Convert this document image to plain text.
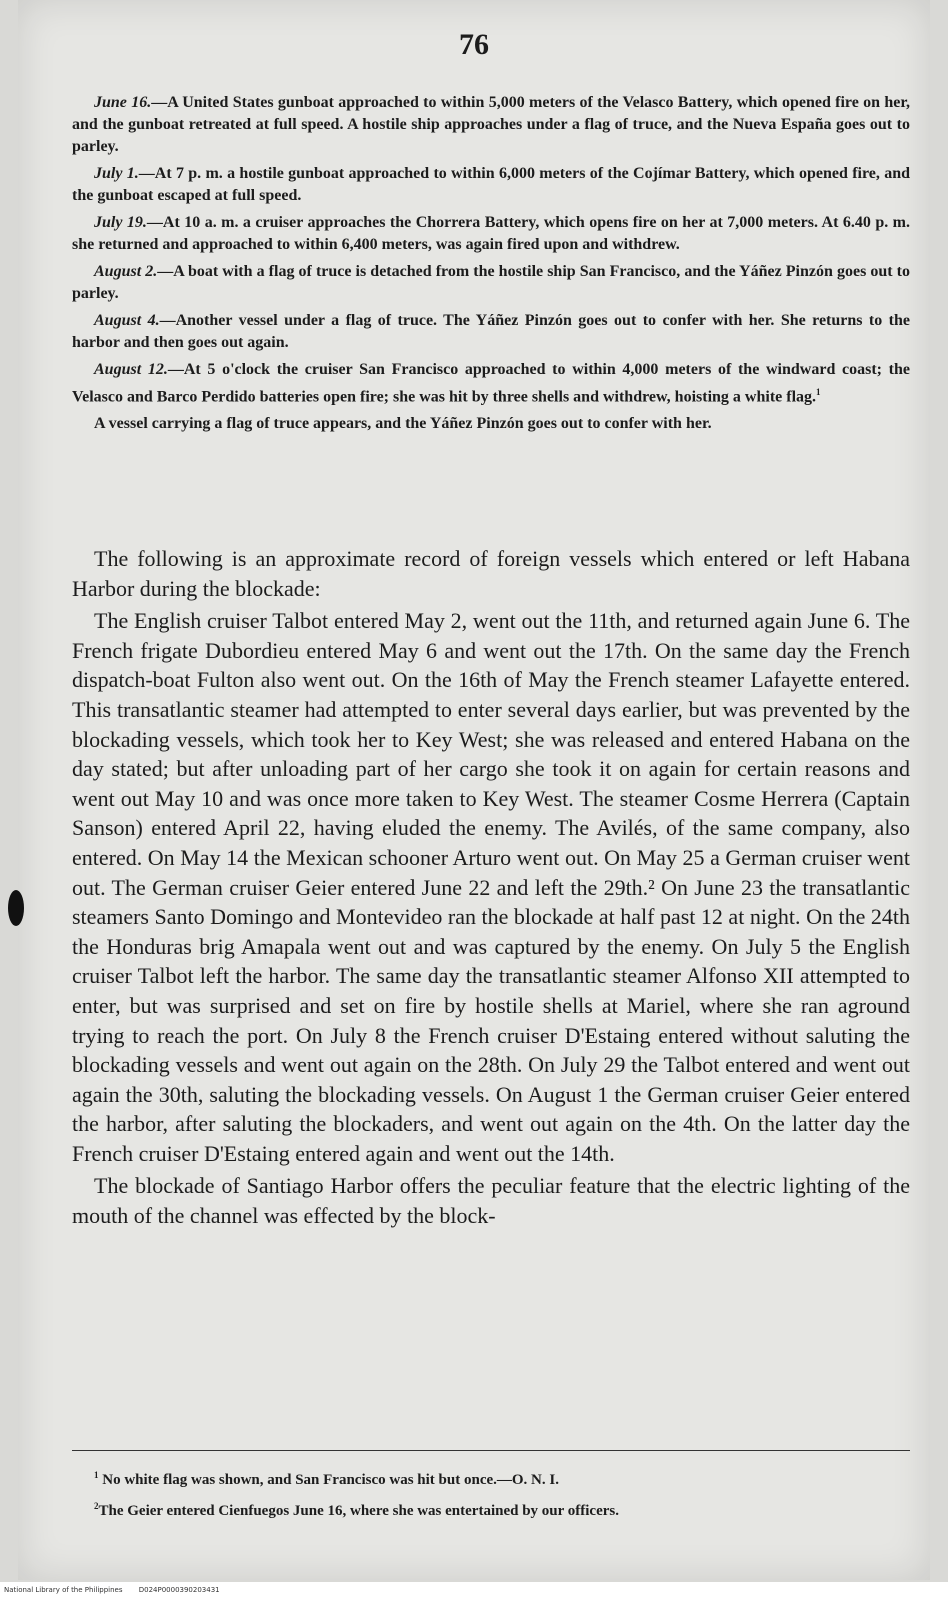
76

June 16.—A United States gunboat approached to within 5,000 meters of the Velasco Battery, which opened fire on her, and the gunboat retreated at full speed. A hostile ship approaches under a flag of truce, and the Nueva España goes out to parley.

July 1.—At 7 p. m. a hostile gunboat approached to within 6,000 meters of the Cojímar Battery, which opened fire, and the gunboat escaped at full speed.

July 19.—At 10 a. m. a cruiser approaches the Chorrera Battery, which opens fire on her at 7,000 meters. At 6.40 p. m. she returned and approached to within 6,400 meters, was again fired upon and withdrew.

August 2.—A boat with a flag of truce is detached from the hostile ship San Francisco, and the Yáñez Pinzón goes out to parley.

August 4.—Another vessel under a flag of truce. The Yáñez Pinzón goes out to confer with her. She returns to the harbor and then goes out again.

August 12.—At 5 o'clock the cruiser San Francisco approached to within 4,000 meters of the windward coast; the Velasco and Barco Perdido batteries open fire; she was hit by three shells and withdrew, hoisting a white flag.$^1$

A vessel carrying a flag of truce appears, and the Yáñez Pinzón goes out to confer with her.

The following is an approximate record of foreign vessels which entered or left Habana Harbor during the blockade:

The English cruiser Talbot entered May 2, went out the 11th, and returned again June 6. The French frigate Dubordieu entered May 6 and went out the 17th. On the same day the French dispatch-boat Fulton also went out. On the 16th of May the French steamer Lafayette entered. This transatlantic steamer had attempted to enter several days earlier, but was prevented by the blockading vessels, which took her to Key West; she was released and entered Habana on the day stated; but after unloading part of her cargo she took it on again for certain reasons and went out May 10 and was once more taken to Key West. The steamer Cosme Herrera (Captain Sanson) entered April 22, having eluded the enemy. The Avilés, of the same company, also entered. On May 14 the Mexican schooner Arturo went out. On May 25 a German cruiser went out. The German cruiser Geier entered June 22 and left the 29th.² On June 23 the transatlantic steamers Santo Domingo and Montevideo ran the blockade at half past 12 at night. On the 24th the Honduras brig Amapala went out and was captured by the enemy. On July 5 the English cruiser Talbot left the harbor. The same day the transatlantic steamer Alfonso XII attempted to enter, but was surprised and set on fire by hostile shells at Mariel, where she ran aground trying to reach the port. On July 8 the French cruiser D'Estaing entered without saluting the blockading vessels and went out again on the 28th. On July 29 the Talbot entered and went out again the 30th, saluting the blockading vessels. On August 1 the German cruiser Geier entered the harbor, after saluting the blockaders, and went out again on the 4th. On the latter day the French cruiser D'Estaing entered again and went out the 14th.

The blockade of Santiago Harbor offers the peculiar feature that the electric lighting of the mouth of the channel was effected by the block-

$^1$ No white flag was shown, and San Francisco was hit but once.—O. N. I.

$^2$The Geier entered Cienfuegos June 16, where she was entertained by our officers.

National Library of the Philippines D024P0000390203431
